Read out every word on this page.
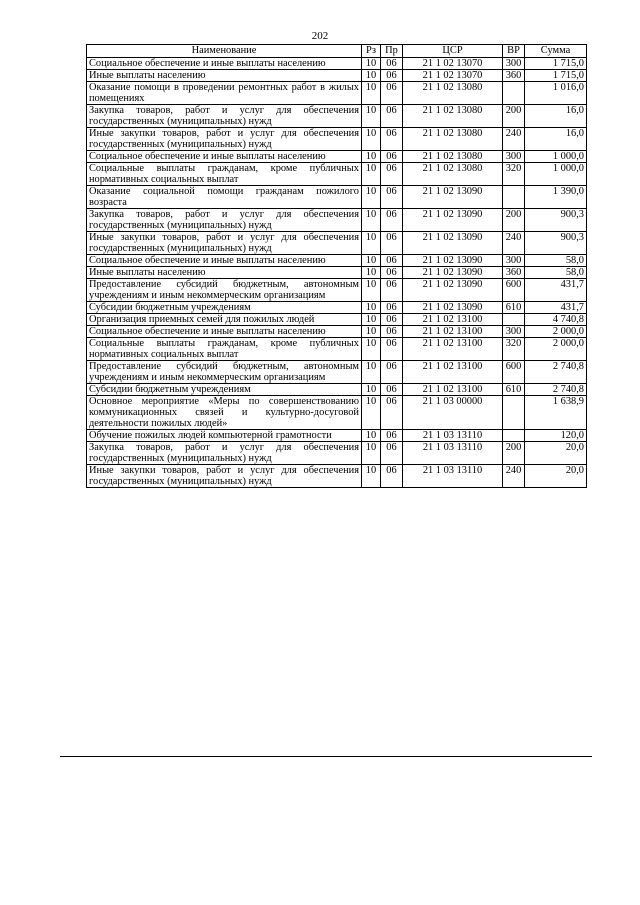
202
Наименование	Рз	Пр	ЦСР	ВР	Сумма
Социальное обеспечение и иные выплаты населению	10	06	21 1 02 13070	300	1 715,0
Иные выплаты населению	10	06	21 1 02 13070	360	1 715,0
Оказание помощи в проведении ремонтных работ в жилых помещениях	10	06	21 1 02 13080		1 016,0
Закупка товаров, работ и услуг для обеспечения государственных (муниципальных) нужд	10	06	21 1 02 13080	200	16,0
Иные закупки товаров, работ и услуг для обеспечения государственных (муниципальных) нужд	10	06	21 1 02 13080	240	16,0
Социальное обеспечение и иные выплаты населению	10	06	21 1 02 13080	300	1 000,0
Социальные выплаты гражданам, кроме публичных нормативных социальных выплат	10	06	21 1 02 13080	320	1 000,0
Оказание социальной помощи гражданам пожилого возраста	10	06	21 1 02 13090		1 390,0
Закупка товаров, работ и услуг для обеспечения государственных (муниципальных) нужд	10	06	21 1 02 13090	200	900,3
Иные закупки товаров, работ и услуг для обеспечения государственных (муниципальных) нужд	10	06	21 1 02 13090	240	900,3
Социальное обеспечение и иные выплаты населению	10	06	21 1 02 13090	300	58,0
Иные выплаты населению	10	06	21 1 02 13090	360	58,0
Предоставление субсидий бюджетным, автономным учреждениям и иным некоммерческим организациям	10	06	21 1 02 13090	600	431,7
Субсидии бюджетным учреждениям	10	06	21 1 02 13090	610	431,7
Организация приемных семей для пожилых людей	10	06	21 1 02 13100		4 740,8
Социальное обеспечение и иные выплаты населению	10	06	21 1 02 13100	300	2 000,0
Социальные выплаты гражданам, кроме публичных нормативных социальных выплат	10	06	21 1 02 13100	320	2 000,0
Предоставление субсидий бюджетным, автономным учреждениям и иным некоммерческим организациям	10	06	21 1 02 13100	600	2 740,8
Субсидии бюджетным учреждениям	10	06	21 1 02 13100	610	2 740,8
Основное мероприятие «Меры по совершенствованию коммуникационных связей и культурно-досуговой деятельности пожилых людей»	10	06	21 1 03 00000		1 638,9
Обучение пожилых людей компьютерной грамотности	10	06	21 1 03 13110		120,0
Закупка товаров, работ и услуг для обеспечения государственных (муниципальных) нужд	10	06	21 1 03 13110	200	20,0
Иные закупки товаров, работ и услуг для обеспечения государственных (муниципальных) нужд	10	06	21 1 03 13110	240	20,0
